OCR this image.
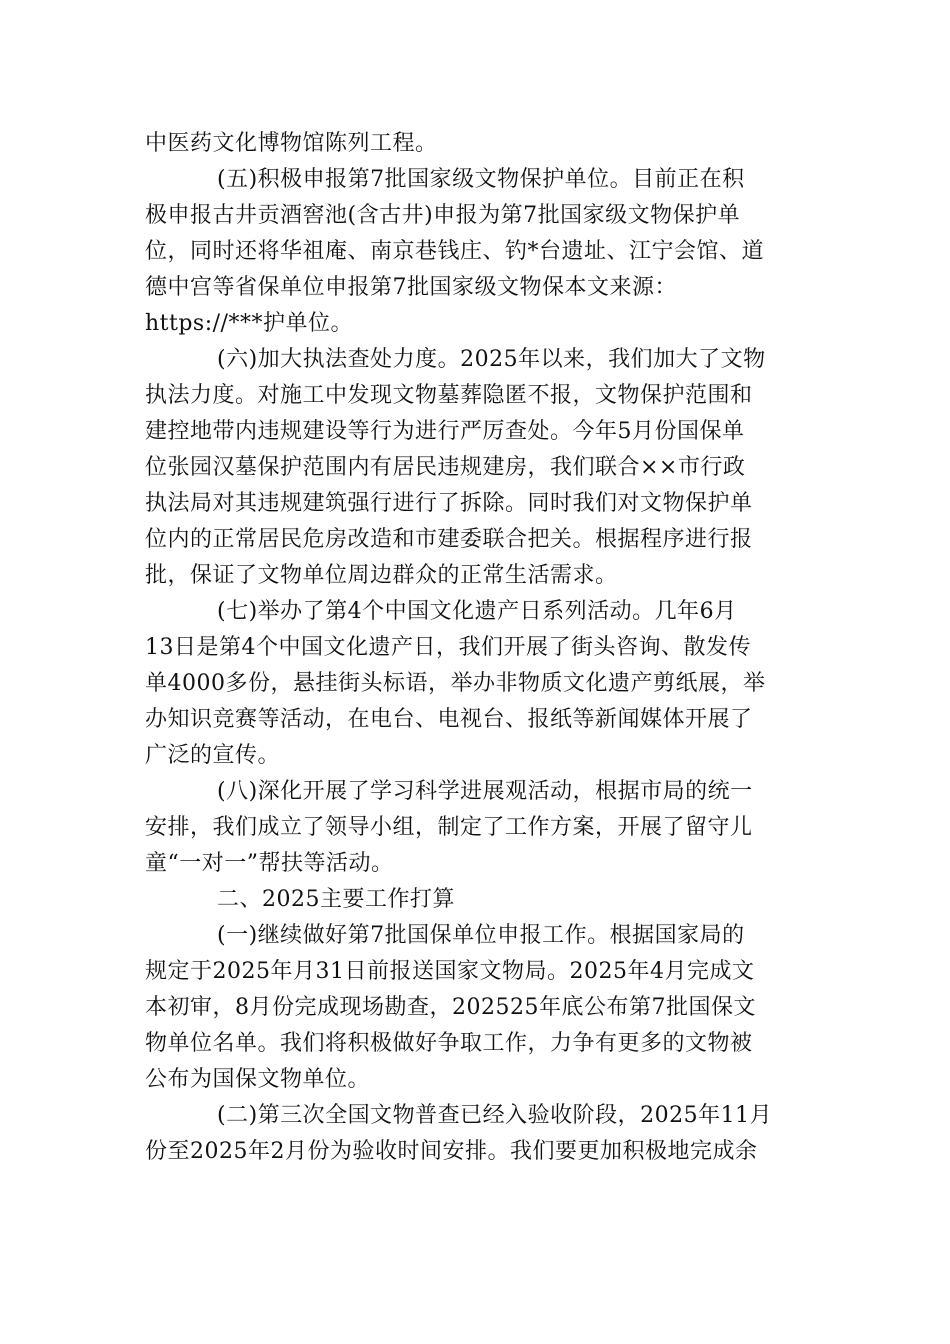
中医药文化博物馆陈列工程。
(五)积极申报第7批国家级文物保护单位。目前正在积
极申报古井贡酒窖池(含古井)申报为第7批国家级文物保护单
位，同时还将华祖庵、南京巷钱庄、钓*台遗址、江宁会馆、道
德中宫等省保单位申报第7批国家级文物保本文来源：
https://***护单位。
(六)加大执法查处力度。2025年以来，我们加大了文物
执法力度。对施工中发现文物墓葬隐匿不报，文物保护范围和
建控地带内违规建设等行为进行严厉查处。今年5月份国保单
位张园汉墓保护范围内有居民违规建房，我们联合××市行政
执法局对其违规建筑强行进行了拆除。同时我们对文物保护单
位内的正常居民危房改造和市建委联合把关。根据程序进行报
批，保证了文物单位周边群众的正常生活需求。
(七)举办了第4个中国文化遗产日系列活动。几年6月
13日是第4个中国文化遗产日，我们开展了街头咨询、散发传
单4000多份，悬挂街头标语，举办非物质文化遗产剪纸展，举
办知识竞赛等活动，在电台、电视台、报纸等新闻媒体开展了
广泛的宣传。
(八)深化开展了学习科学进展观活动，根据市局的统一
安排，我们成立了领导小组，制定了工作方案，开展了留守儿
童“一对一”帮扶等活动。
二、2025主要工作打算
(一)继续做好第7批国保单位申报工作。根据国家局的
规定于2025年月31日前报送国家文物局。2025年4月完成文
本初审，8月份完成现场勘查，202525年底公布第7批国保文
物单位名单。我们将积极做好争取工作，力争有更多的文物被
公布为国保文物单位。
(二)第三次全国文物普查已经入验收阶段，2025年11月
份至2025年2月份为验收时间安排。我们要更加积极地完成余
